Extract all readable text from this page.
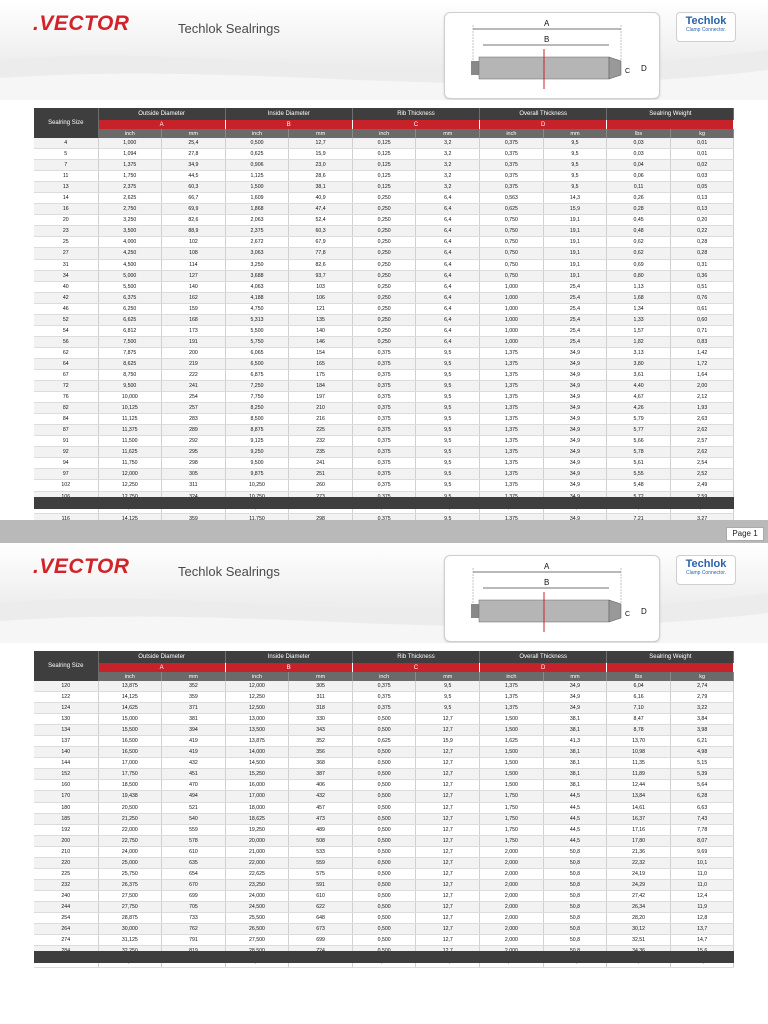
.VECTOR	Techlok Sealrings	A
B
C D
Techlok
Clamp Connector.
Sealring Size	Outside Diameter		Inside Diameter		Rib Thickness		Overall Thickness		Sealring Weight	
	A		B		C		D			
	inch	mm	inch	mm	inch	mm	inch	mm	lbs	kg
4	1,000	25,4	0,500	12,7	0,125	3,2	0,375	9,5	0,03	0,01
5	1,094	27,8	0,625	15,9	0,125	3,2	0,375	9,5	0,03	0,01
7	1,375	34,9	0,906	23,0	0,125	3,2	0,375	9,5	0,04	0,02
11	1,750	44,5	1,125	28,6	0,125	3,2	0,375	9,5	0,06	0,03
13	2,375	60,3	1,500	38,1	0,125	3,2	0,375	9,5	0,11	0,05
14	2,625	66,7	1,609	40,9	0,250	6,4	0,563	14,3	0,26	0,13
16	2,750	69,9	1,868	47,4	0,250	6,4	0,625	15,9	0,28	0,13
20	3,250	82,6	2,063	52,4	0,250	6,4	0,750	19,1	0,45	0,20
23	3,500	88,9	2,375	60,3	0,250	6,4	0,750	19,1	0,48	0,22
25	4,000	102	2,672	67,9	0,250	6,4	0,750	19,1	0,62	0,28
27	4,250	108	3,063	77,8	0,250	6,4	0,750	19,1	0,62	0,28
31	4,500	114	3,250	82,6	0,250	6,4	0,750	19,1	0,69	0,31
34	5,000	127	3,688	93,7	0,250	6,4	0,750	19,1	0,80	0,36
40	5,500	140	4,063	103	0,250	6,4	1,000	25,4	1,13	0,51
42	6,375	162	4,188	106	0,250	6,4	1,000	25,4	1,68	0,76
46	6,250	159	4,750	121	0,250	6,4	1,000	25,4	1,34	0,61
52	6,625	168	5,313	135	0,250	6,4	1,000	25,4	1,33	0,60
54	6,812	173	5,500	140	0,250	6,4	1,000	25,4	1,57	0,71
56	7,500	191	5,750	146	0,250	6,4	1,000	25,4	1,82	0,83
62	7,875	200	6,065	154	0,375	9,5	1,375	34,9	3,13	1,42
64	8,625	219	6,500	165	0,375	9,5	1,375	34,9	3,80	1,72
67	8,750	222	6,875	175	0,375	9,5	1,375	34,9	3,61	1,64
72	9,500	241	7,250	184	0,375	9,5	1,375	34,9	4,40	2,00
76	10,000	254	7,750	197	0,375	9,5	1,375	34,9	4,67	2,12
82	10,125	257	8,250	210	0,375	9,5	1,375	34,9	4,26	1,93
84	11,125	283	8,500	216	0,375	9,5	1,375	34,9	5,79	2,63
87	11,375	289	8,875	225	0,375	9,5	1,375	34,9	5,77	2,62
91	11,500	292	9,125	232	0,375	9,5	1,375	34,9	5,66	2,57
92	11,625	295	9,250	235	0,375	9,5	1,375	34,9	5,78	2,62
94	11,750	298	9,500	241	0,375	9,5	1,375	34,9	5,61	2,54
97	12,000	305	9,875	251	0,375	9,5	1,375	34,9	5,55	2,52
102	12,250	311	10,250	260	0,375	9,5	1,375	34,9	5,48	2,49

116	14,125	359	11,750	298	0,375	9,5	1,375	34,9	7,21	3,27
Page 1
.VECTOR	Techlok Sealrings	A
B
C D
Techlok
Clamp Connector.
Sealring Size	Outside Diameter		Inside Diameter		Rib Thickness		Overall Thickness		Sealring Weight	
	A		B		C		D			
	inch	mm	inch	mm	inch	mm	inch	mm	lbs	kg
120	13,875	352	12,000	305	0,375	9,5	1,375	34,9	6,04	2,74
122	14,125	359	12,250	311	0,375	9,5	1,375	34,9	6,16	2,79
124	14,625	371	12,500	318	0,375	9,5	1,375	34,9	7,10	3,22
130	15,000	381	13,000	330	0,500	12,7	1,500	38,1	8,47	3,84
134	15,500	394	13,500	343	0,500	12,7	1,500	38,1	8,78	3,98
137	16,500	419	13,875	352	0,625	15,9	1,625	41,3	13,70	6,21
140	16,500	419	14,000	356	0,500	12,7	1,500	38,1	10,98	4,98
144	17,000	432	14,500	368	0,500	12,7	1,500	38,1	11,35	5,15
152	17,750	451	15,250	387	0,500	12,7	1,500	38,1	11,89	5,39
160	18,500	470	16,000	406	0,500	12,7	1,500	38,1	12,44	5,64
170	19,438	494	17,000	432	0,500	12,7	1,750	44,5	13,84	6,28
180	20,500	521	18,000	457	0,500	12,7	1,750	44,5	14,61	6,63
185	21,250	540	18,625	473	0,500	12,7	1,750	44,5	16,37	7,43
192	22,000	559	19,250	489	0,500	12,7	1,750	44,5	17,16	7,78
200	22,750	578	20,000	508	0,500	12,7	1,750	44,5	17,80	8,07
210	24,000	610	21,000	533	0,500	12,7	2,000	50,8	21,36	9,69
220	25,000	635	22,000	559	0,500	12,7	2,000	50,8	22,32	10,1
225	25,750	654	22,625	575	0,500	12,7	2,000	50,8	24,19	11,0
232	26,375	670	23,250	591	0,500	12,7	2,000	50,8	24,29	11,0
240	27,500	699	24,000	610	0,500	12,7	2,000	50,8	27,42	12,4
244	27,750	705	24,500	622	0,500	12,7	2,000	50,8	26,34	11,9
254	28,875	733	25,500	648	0,500	12,7	2,000	50,8	28,20	12,8
264	30,000	762	26,500	673	0,500	12,7	2,000	50,8	30,12	13,7
274	31,125	791	27,500	699	0,500	12,7	2,000	50,8	32,51	14,7
